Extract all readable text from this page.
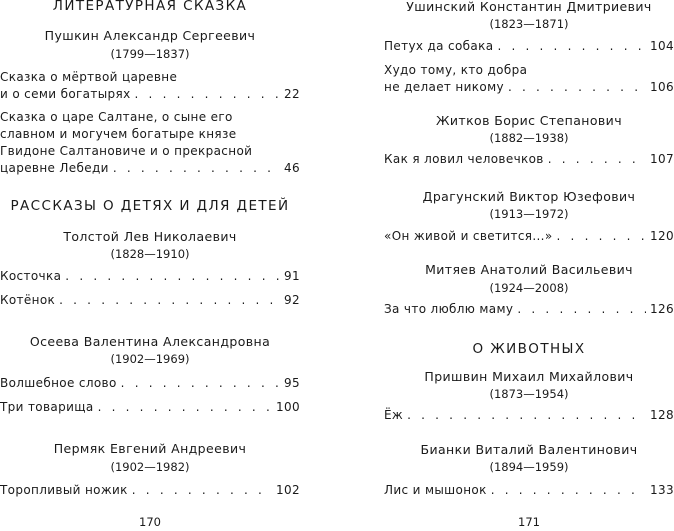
ЛИТЕРАТУРНАЯ СКАЗКА
Пушкин Александр Сергеевич
(1799—1837)
Сказка о мёртвой царевне
и о семи богатырях . . .	22
Сказка о царе Салтане, о сыне его
славном и могучем богатыре князе
Гвидоне Салтановиче и о прекрасной
царевне Лебеди . . .	46
РАССКАЗЫ О ДЕТЯХ И ДЛЯ ДЕТЕЙ
Толстой Лев Николаевич
(1828—1910)
Косточка . . .	91
Котёнок . . .	92
Осеева Валентина Александровна
(1902—1969)
Волшебное слово . . .	95
Три товарища . . .	100
Пермяк Евгений Андреевич
(1902—1982)
Торопливый ножик . . .	102
170
Ушинский Константин Дмитриевич
(1823—1871)
Петух да собака . . .	104
Худо тому, кто добра
не делает никому . . .	106
Житков Борис Степанович
(1882—1938)
Как я ловил человечков . . .	107
Драгунский Виктор Юзефович
(1913—1972)
«Он живой и светится...» . . .	120
Митяев Анатолий Васильевич
(1924—2008)
За что люблю маму . . .	126
О ЖИВОТНЫХ
Пришвин Михаил Михайлович
(1873—1954)
Ёж . . .	128
Бианки Виталий Валентинович
(1894—1959)
Лис и мышонок . . .	133
171
